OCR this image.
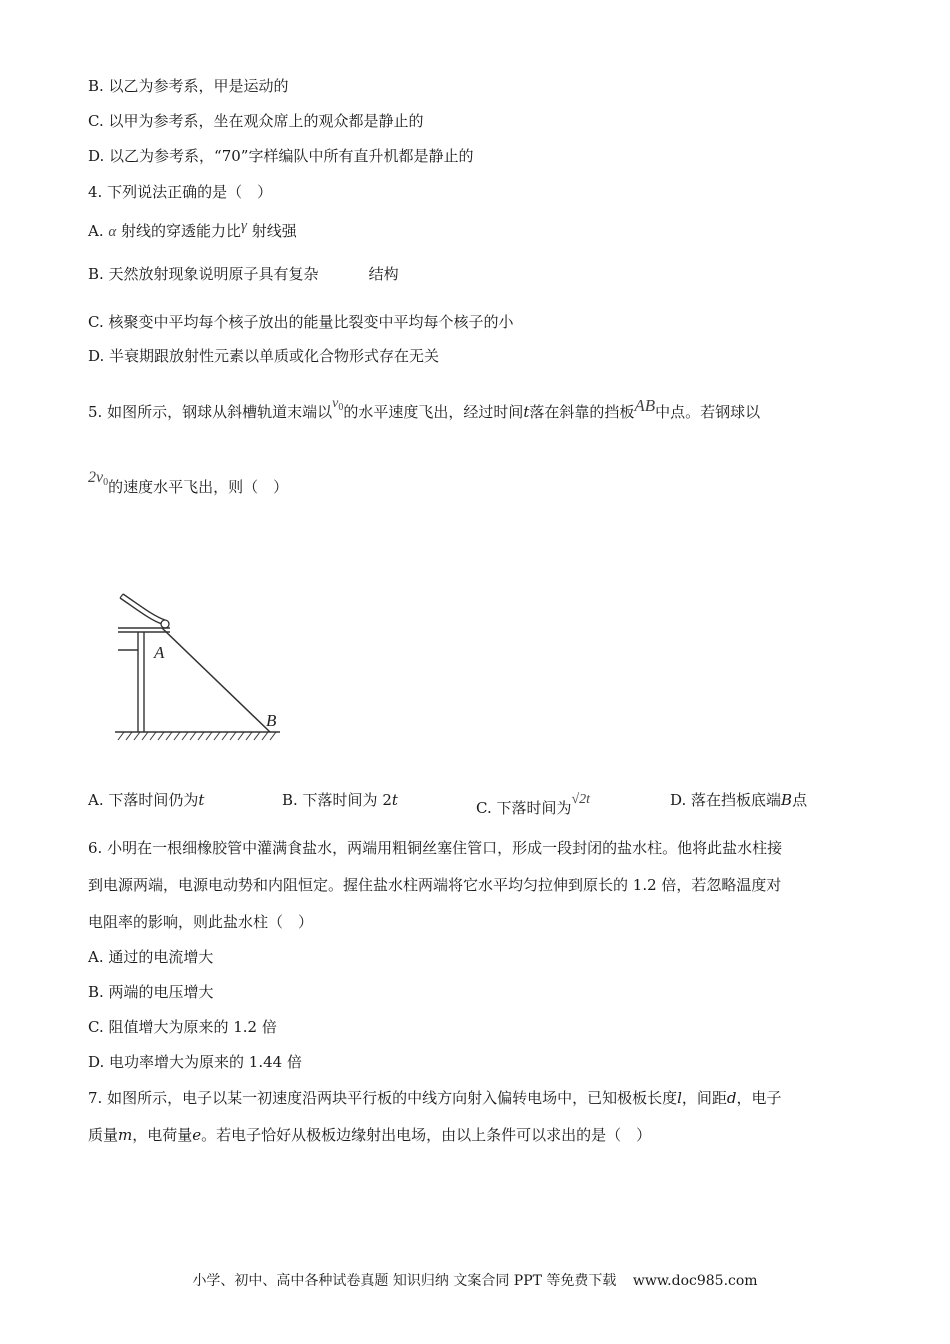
B. 以乙为参考系，甲是运动的
C. 以甲为参考系，坐在观众席上的观众都是静止的
D. 以乙为参考系，“70”字样编队中所有直升机都是静止的
4. 下列说法正确的是（　）
A. α 射线的穿透能力比γ 射线强
B. 天然放射现象说明原子具有复杂	结构
C. 核聚变中平均每个核子放出的能量比裂变中平均每个核子的小
D. 半衰期跟放射性元素以单质或化合物形式存在无关
5. 如图所示，钢球从斜槽轨道末端以$v_0$的水平速度飞出，经过时间t落在斜靠的挡板AB中点。若钢球以
$2v_0$的速度水平飞出，则（　）
A
B
A. 下落时间仍为t	B. 下落时间为 2t	C. 下落时间为√2t	D. 落在挡板底端B点
6. 小明在一根细橡胶管中灌满食盐水，两端用粗铜丝塞住管口，形成一段封闭的盐水柱。他将此盐水柱接
到电源两端，电源电动势和内阻恒定。握住盐水柱两端将它水平均匀拉伸到原长的 1.2 倍，若忽略温度对
电阻率的影响，则此盐水柱（　）
A. 通过的电流增大
B. 两端的电压增大
C. 阻值增大为原来的 1.2 倍
D. 电功率增大为原来的 1.44 倍
7. 如图所示，电子以某一初速度沿两块平行板的中线方向射入偏转电场中，已知极板长度l，间距d，电子
质量m，电荷量e。若电子恰好从极板边缘射出电场，由以上条件可以求出的是（　）
小学、初中、高中各种试卷真题 知识归纳 文案合同 PPT 等免费下载 www.doc985.com
